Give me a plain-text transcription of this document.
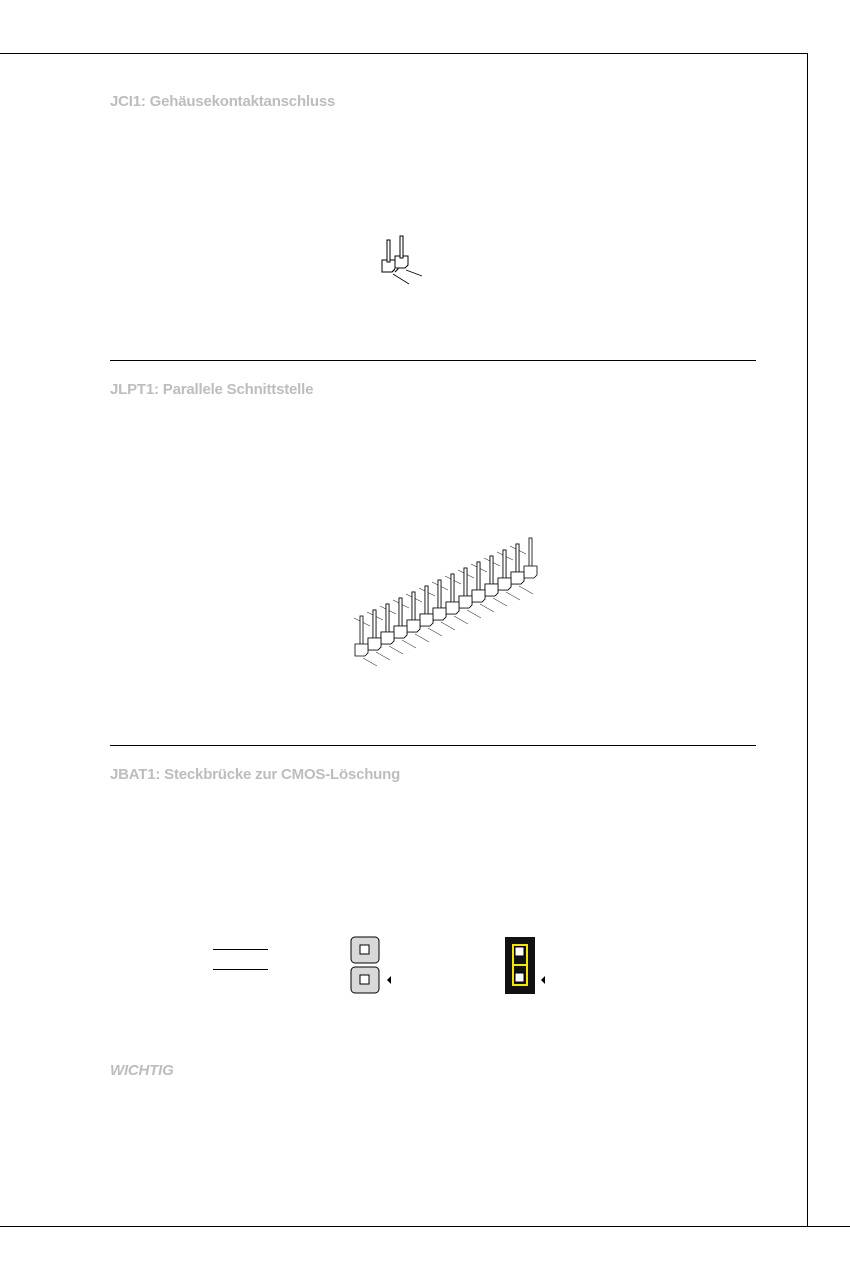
JCI1: Gehäusekontaktanschluss
JLPT1: Parallele Schnittstelle
JBAT1: Steckbrücke zur CMOS-Löschung
WICHTIG
